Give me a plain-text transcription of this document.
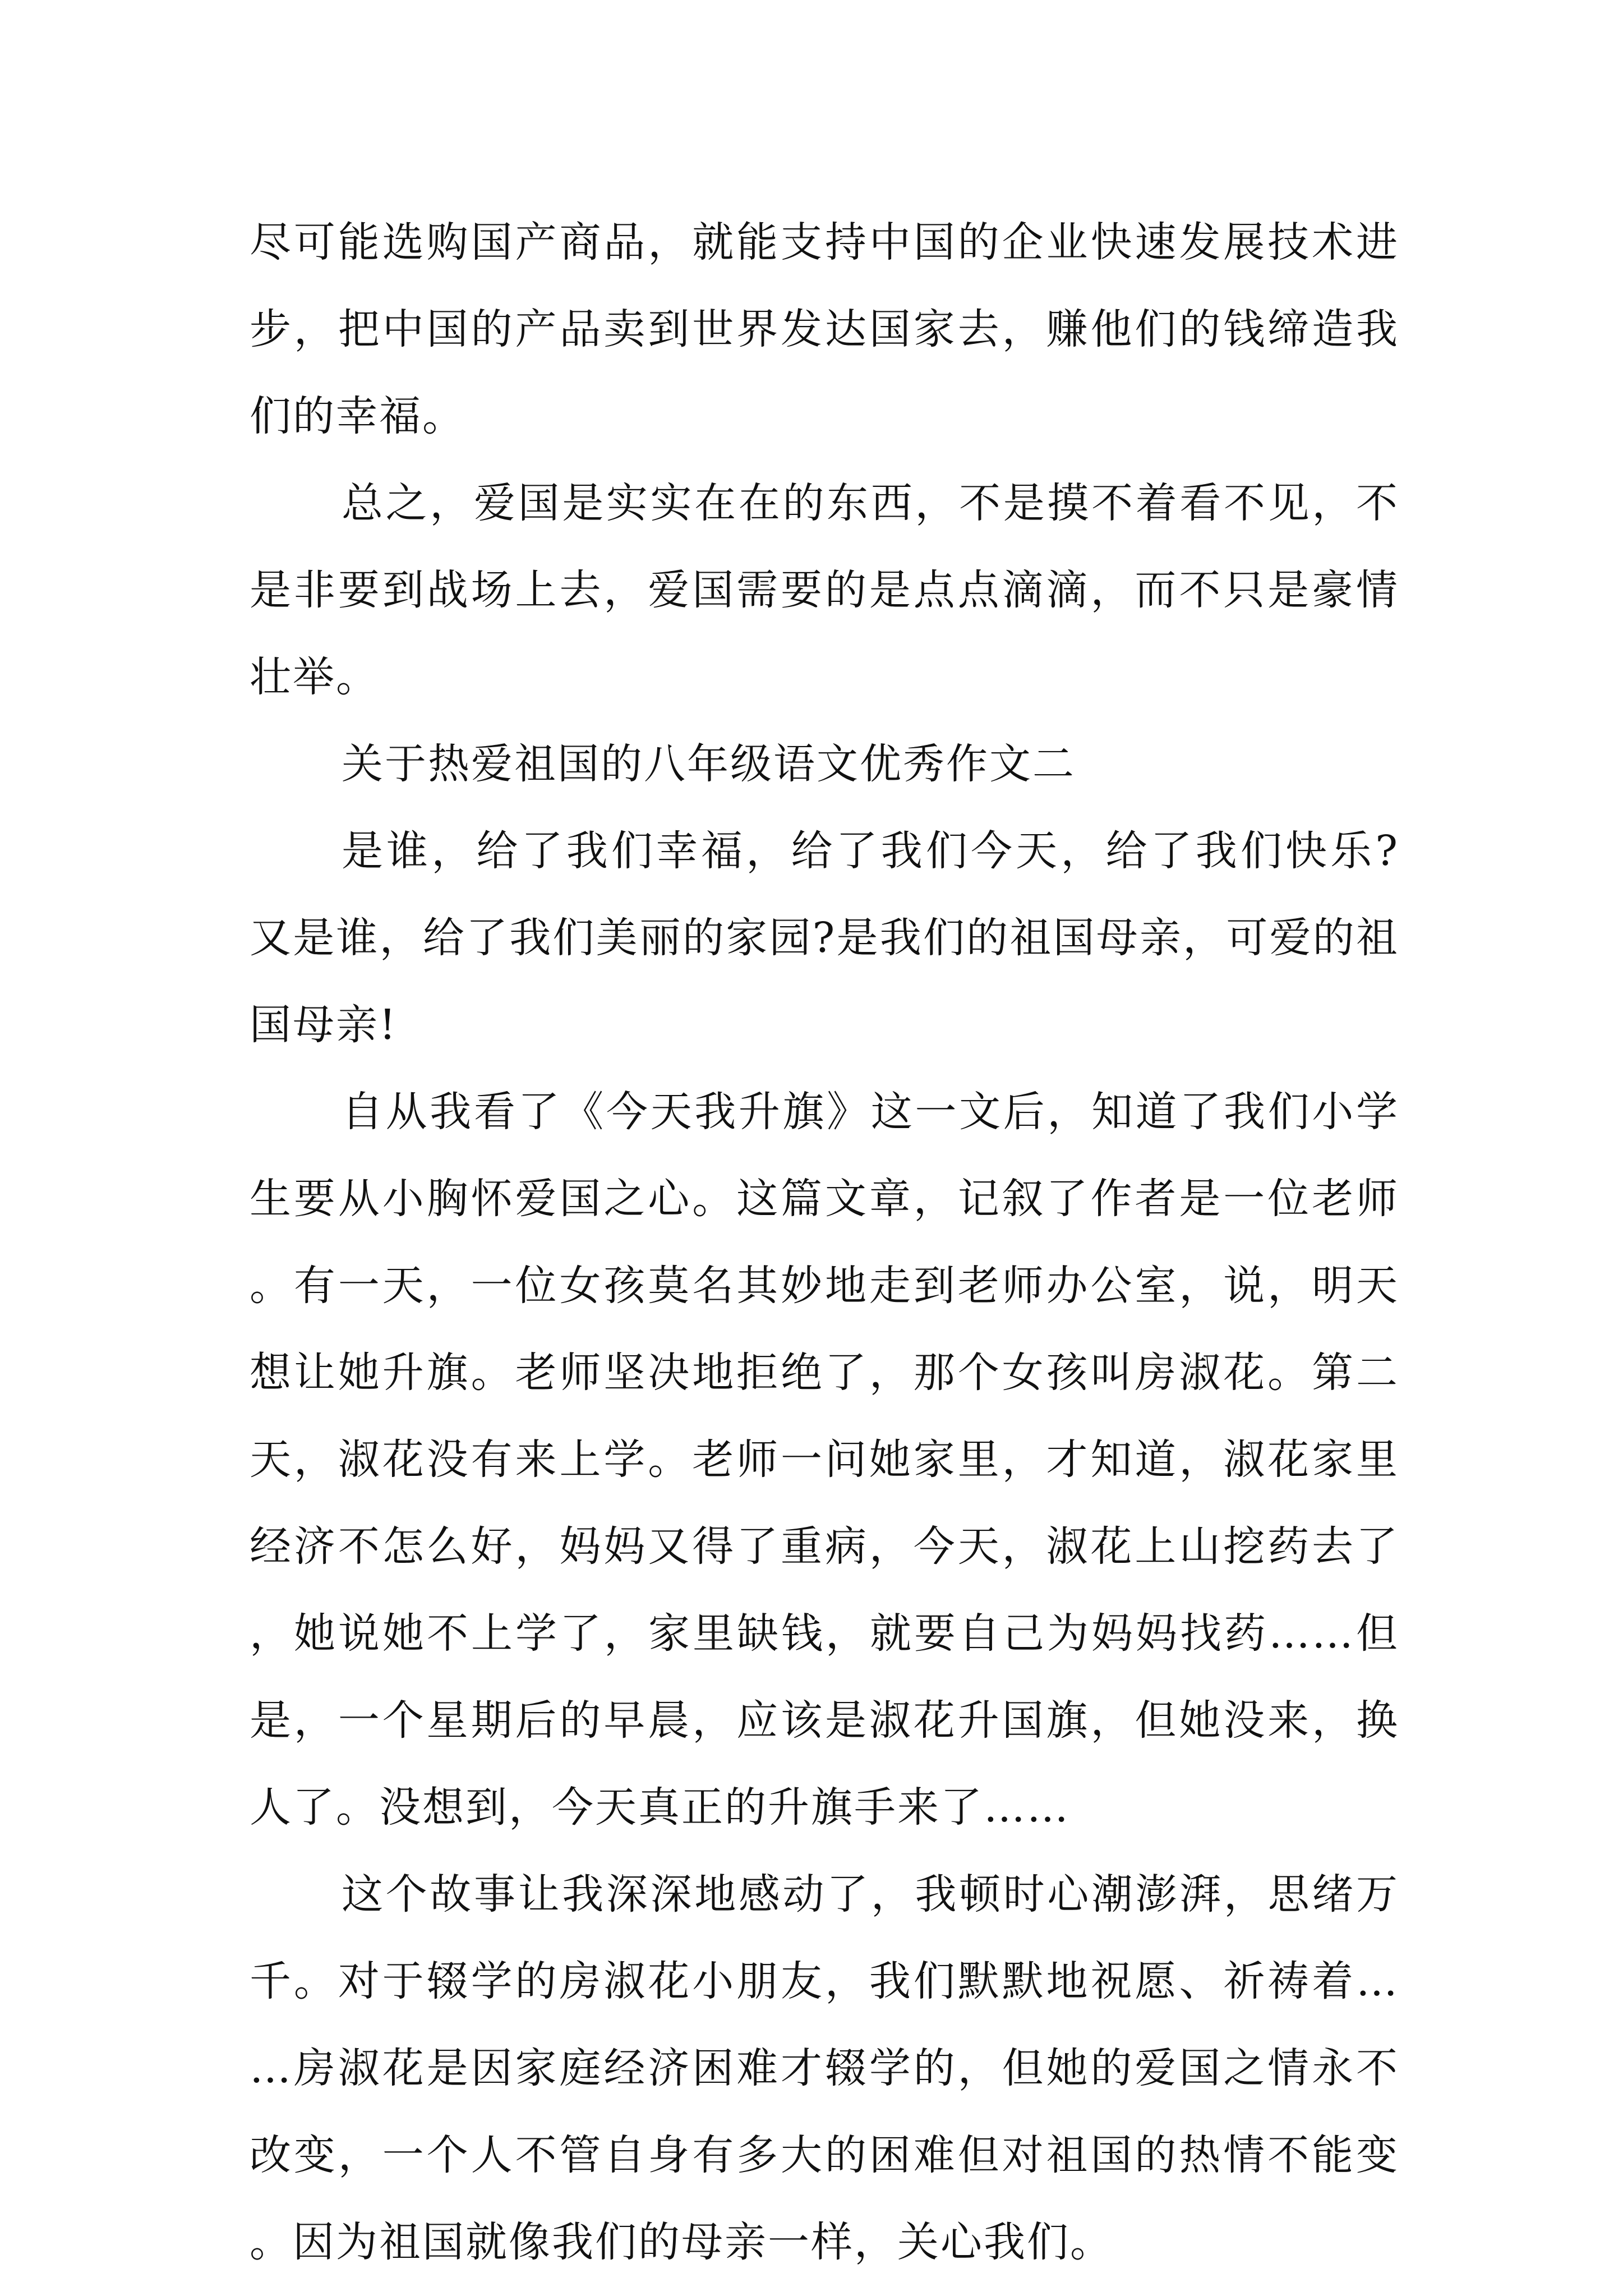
尽可能选购国产商品，就能支持中国的企业快速发展技术进步，把中国的产品卖到世界发达国家去，赚他们的钱缔造我们的幸福。

总之，爱国是实实在在的东西，不是摸不着看不见，不是非要到战场上去，爱国需要的是点点滴滴，而不只是豪情壮举。

关于热爱祖国的八年级语文优秀作文二

是谁，给了我们幸福，给了我们今天，给了我们快乐?又是谁，给了我们美丽的家园?是我们的祖国母亲，可爱的祖国母亲!

自从我看了《今天我升旗》这一文后，知道了我们小学生要从小胸怀爱国之心。这篇文章，记叙了作者是一位老师。有一天，一位女孩莫名其妙地走到老师办公室，说，明天想让她升旗。老师坚决地拒绝了，那个女孩叫房淑花。第二天，淑花没有来上学。老师一问她家里，才知道，淑花家里经济不怎么好，妈妈又得了重病，今天，淑花上山挖药去了，她说她不上学了，家里缺钱，就要自己为妈妈找药……但是，一个星期后的早晨，应该是淑花升国旗，但她没来，换人了。没想到，今天真正的升旗手来了……

这个故事让我深深地感动了，我顿时心潮澎湃，思绪万千。对于辍学的房淑花小朋友，我们默默地祝愿、祈祷着……房淑花是因家庭经济困难才辍学的，但她的爱国之情永不改变，一个人不管自身有多大的困难但对祖国的热情不能变。因为祖国就像我们的母亲一样，关心我们。
